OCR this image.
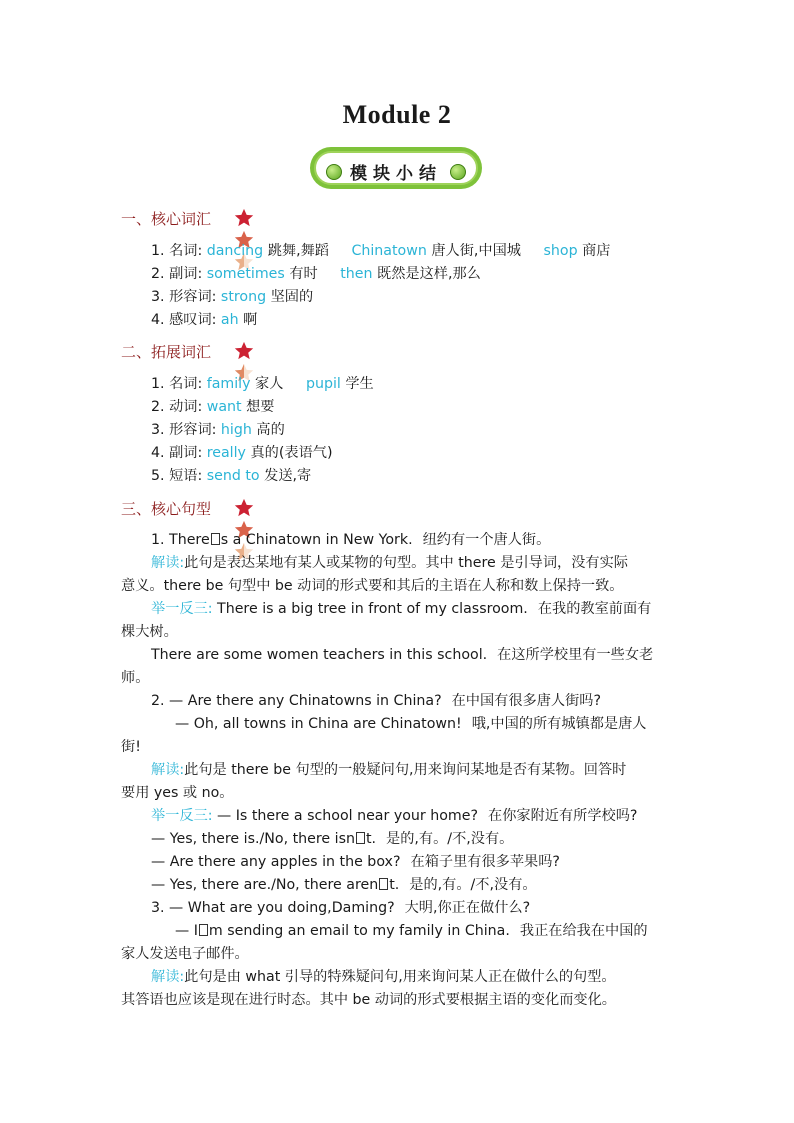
Module 2
模块小结
一、核心词汇

1. 名词: dancing 跳舞,舞蹈 Chinatown 唐人街,中国城 shop 商店
2. 副词: sometimes 有时 then 既然是这样,那么
3. 形容词: strong 坚固的
4. 感叹词: ah 啊
二、拓展词汇

1. 名词: family 家人 pupil 学生
2. 动词: want 想要
3. 形容词: high 高的
4. 副词: really 真的(表语气)
5. 短语: send to 发送,寄
三、核心句型

1. There s a Chinatown in New York. 纽约有一个唐人街。
解读:此句是表达某地有某人或某物的句型。其中 there 是引导词，没有实际
意义。there be 句型中 be 动词的形式要和其后的主语在人称和数上保持一致。
举一反三: There is a big tree in front of my classroom. 在我的教室前面有
棵大树。
There are some women teachers in this school. 在这所学校里有一些女老
师。
2. — Are there any Chinatowns in China? 在中国有很多唐人街吗?
— Oh, all towns in China are Chinatown! 哦,中国的所有城镇都是唐人
街!
解读:此句是 there be 句型的一般疑问句,用来询问某地是否有某物。回答时
要用 yes 或 no。
举一反三: — Is there a school near your home? 在你家附近有所学校吗?
— Yes, there is./No, there isn t. 是的,有。/不,没有。
— Are there any apples in the box? 在箱子里有很多苹果吗?
— Yes, there are./No, there aren t. 是的,有。/不,没有。
3. — What are you doing,Daming? 大明,你正在做什么?
— I m sending an email to my family in China. 我正在给我在中国的
家人发送电子邮件。
解读:此句是由 what 引导的特殊疑问句,用来询问某人正在做什么的句型。
其答语也应该是现在进行时态。其中 be 动词的形式要根据主语的变化而变化。
